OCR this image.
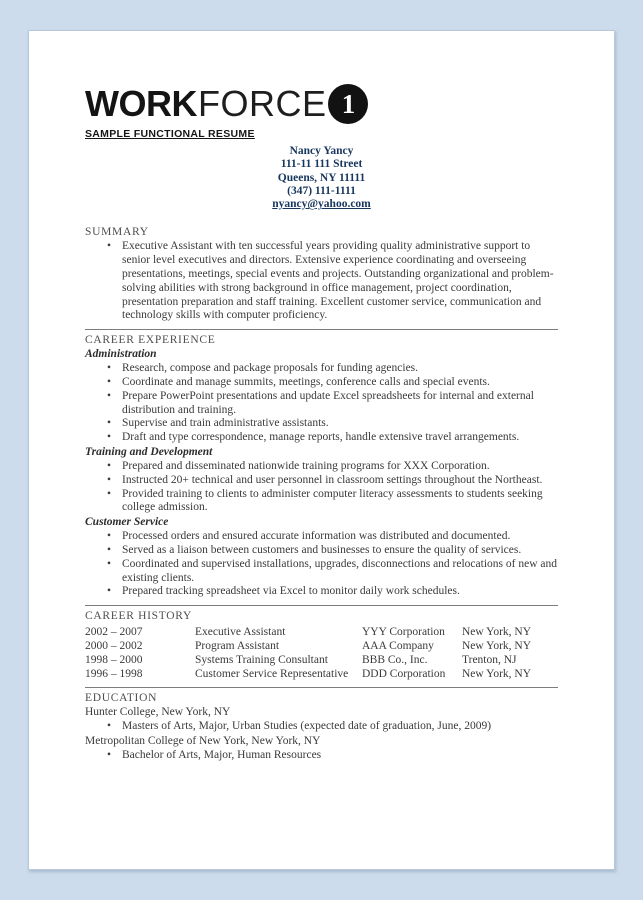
WORK FORCE 1
SAMPLE FUNCTIONAL RESUME
Nancy Yancy
111-11 111 Street
Queens, NY 11111
(347) 111-1111
nyancy@yahoo.com
SUMMARY
• Executive Assistant with ten successful years providing quality administrative support to senior level executives and directors. Extensive experience coordinating and overseeing presentations, meetings, special events and projects. Outstanding organizational and problem-solving abilities with strong background in office management, project coordination, presentation preparation and staff training. Excellent customer service, communication and technology skills with computer proficiency.
CAREER EXPERIENCE
Administration
• Research, compose and package proposals for funding agencies.
• Coordinate and manage summits, meetings, conference calls and special events.
• Prepare PowerPoint presentations and update Excel spreadsheets for internal and external distribution and training.
• Supervise and train administrative assistants.
• Draft and type correspondence, manage reports, handle extensive travel arrangements.
Training and Development
• Prepared and disseminated nationwide training programs for XXX Corporation.
• Instructed 20+ technical and user personnel in classroom settings throughout the Northeast.
• Provided training to clients to administer computer literacy assessments to students seeking college admission.
Customer Service
• Processed orders and ensured accurate information was distributed and documented.
• Served as a liaison between customers and businesses to ensure the quality of services.
• Coordinated and supervised installations, upgrades, disconnections and relocations of new and existing clients.
• Prepared tracking spreadsheet via Excel to monitor daily work schedules.
CAREER HISTORY
2002 – 2007	Executive Assistant	YYY Corporation	New York, NY
2000 – 2002	Program Assistant	AAA Company	New York, NY
1998 – 2000	Systems Training Consultant	BBB Co., Inc.	Trenton, NJ
1996 – 1998	Customer Service Representative	DDD Corporation	New York, NY
EDUCATION
Hunter College, New York, NY
• Masters of Arts, Major, Urban Studies (expected date of graduation, June, 2009)
Metropolitan College of New York, New York, NY
• Bachelor of Arts, Major, Human Resources
